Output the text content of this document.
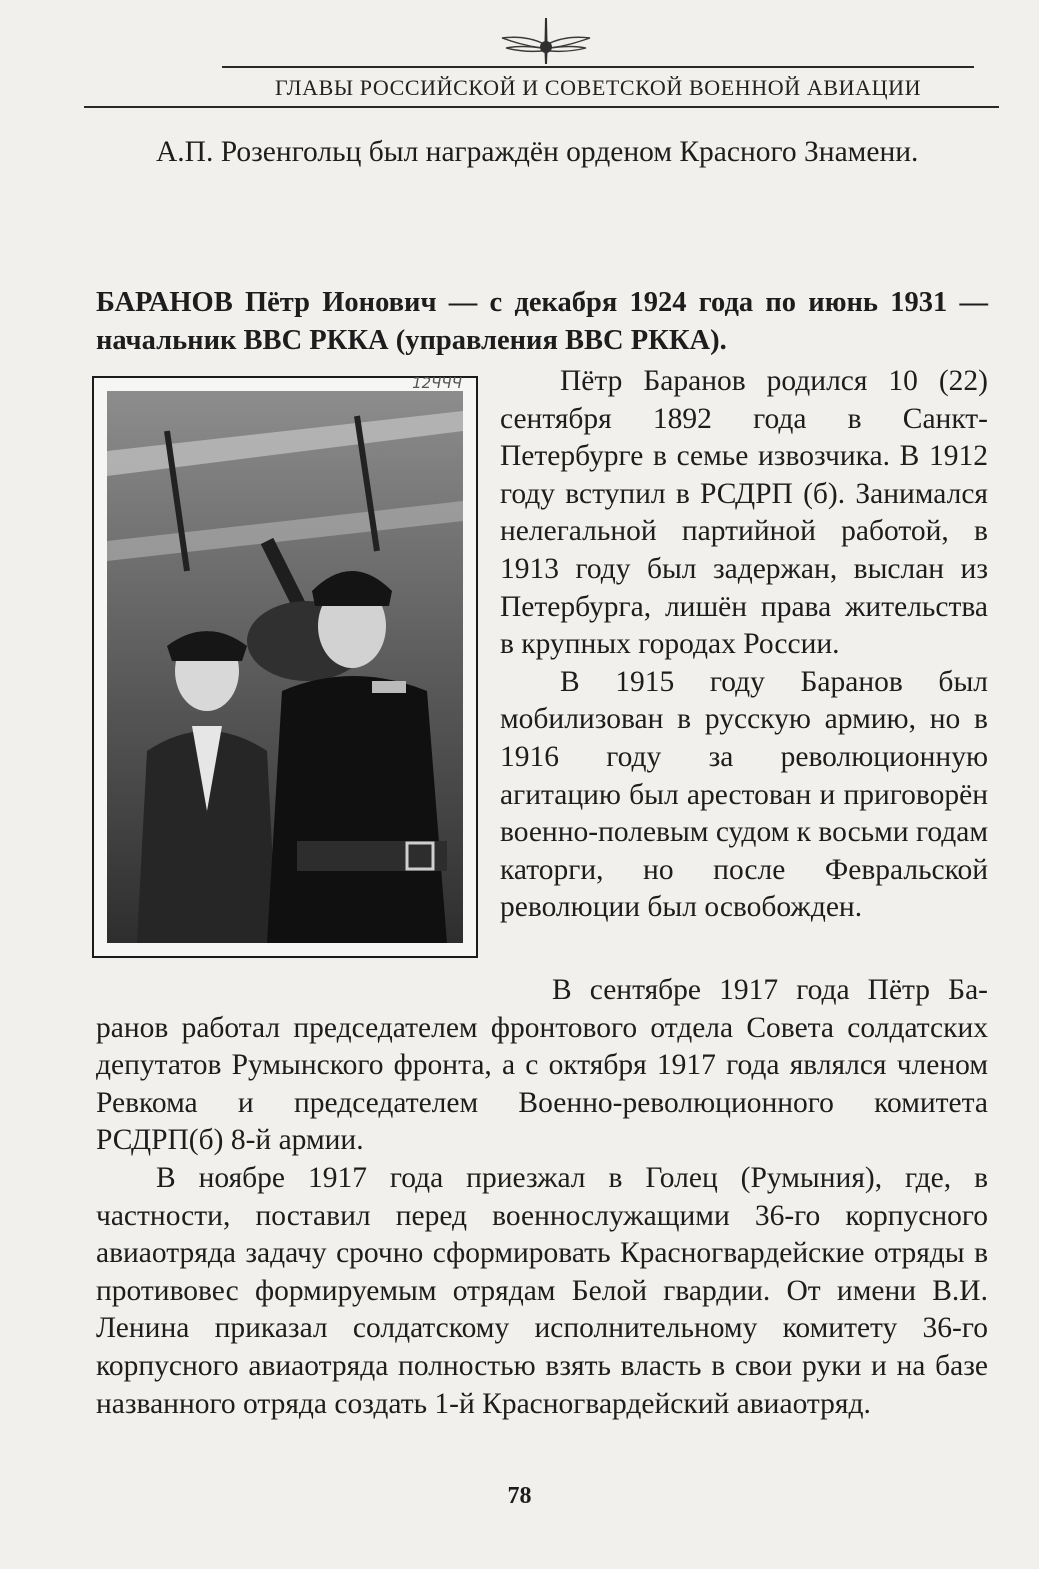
ГЛАВЫ РОССИЙСКОЙ И СОВЕТСКОЙ ВОЕННОЙ АВИАЦИИ

А.П. Розенгольц был награждён орденом Красного Знамени.

БАРАНОВ Пётр Ионович — с декабря 1924 года по июнь 1931 — начальник ВВС РККА (управления ВВС РККА).

12ЧЧЧ	Пётр Баранов родился 10 (22) сентября 1892 года в Санкт-Петербурге в семье извозчика. В 1912 году вступил в РСДРП (б). Занимался нелегальной партийной работой, в 1913 году был задержан, выслан из Петербурга, лишён права жительства в крупных городах России.

В 1915 году Баранов был мобилизован в русскую армию, но в 1916 году за революционную агитацию был арестован и приговорён военно-полевым судом к восьми годам каторги, но после Февральской революции был освобожден.

В сентябре 1917 года Пётр Ба-ранов работал председателем фронтового отдела Совета солдатских депутатов Румынского фронта, а с октября 1917 года являлся членом Ревкома и председателем Военно-революционного комитета РСДРП(б) 8-й армии.

В ноябре 1917 года приезжал в Голец (Румыния), где, в частности, поставил перед военнослужащими 36-го корпусного авиаотряда задачу срочно сформировать Красногвардейские отряды в противовес формируемым отрядам Белой гвардии. От имени В.И. Ленина приказал солдатскому исполнительному комитету 36-го корпусного авиаотряда полностью взять власть в свои руки и на базе названного отряда создать 1-й Красногвардейский авиаотряд.

78
